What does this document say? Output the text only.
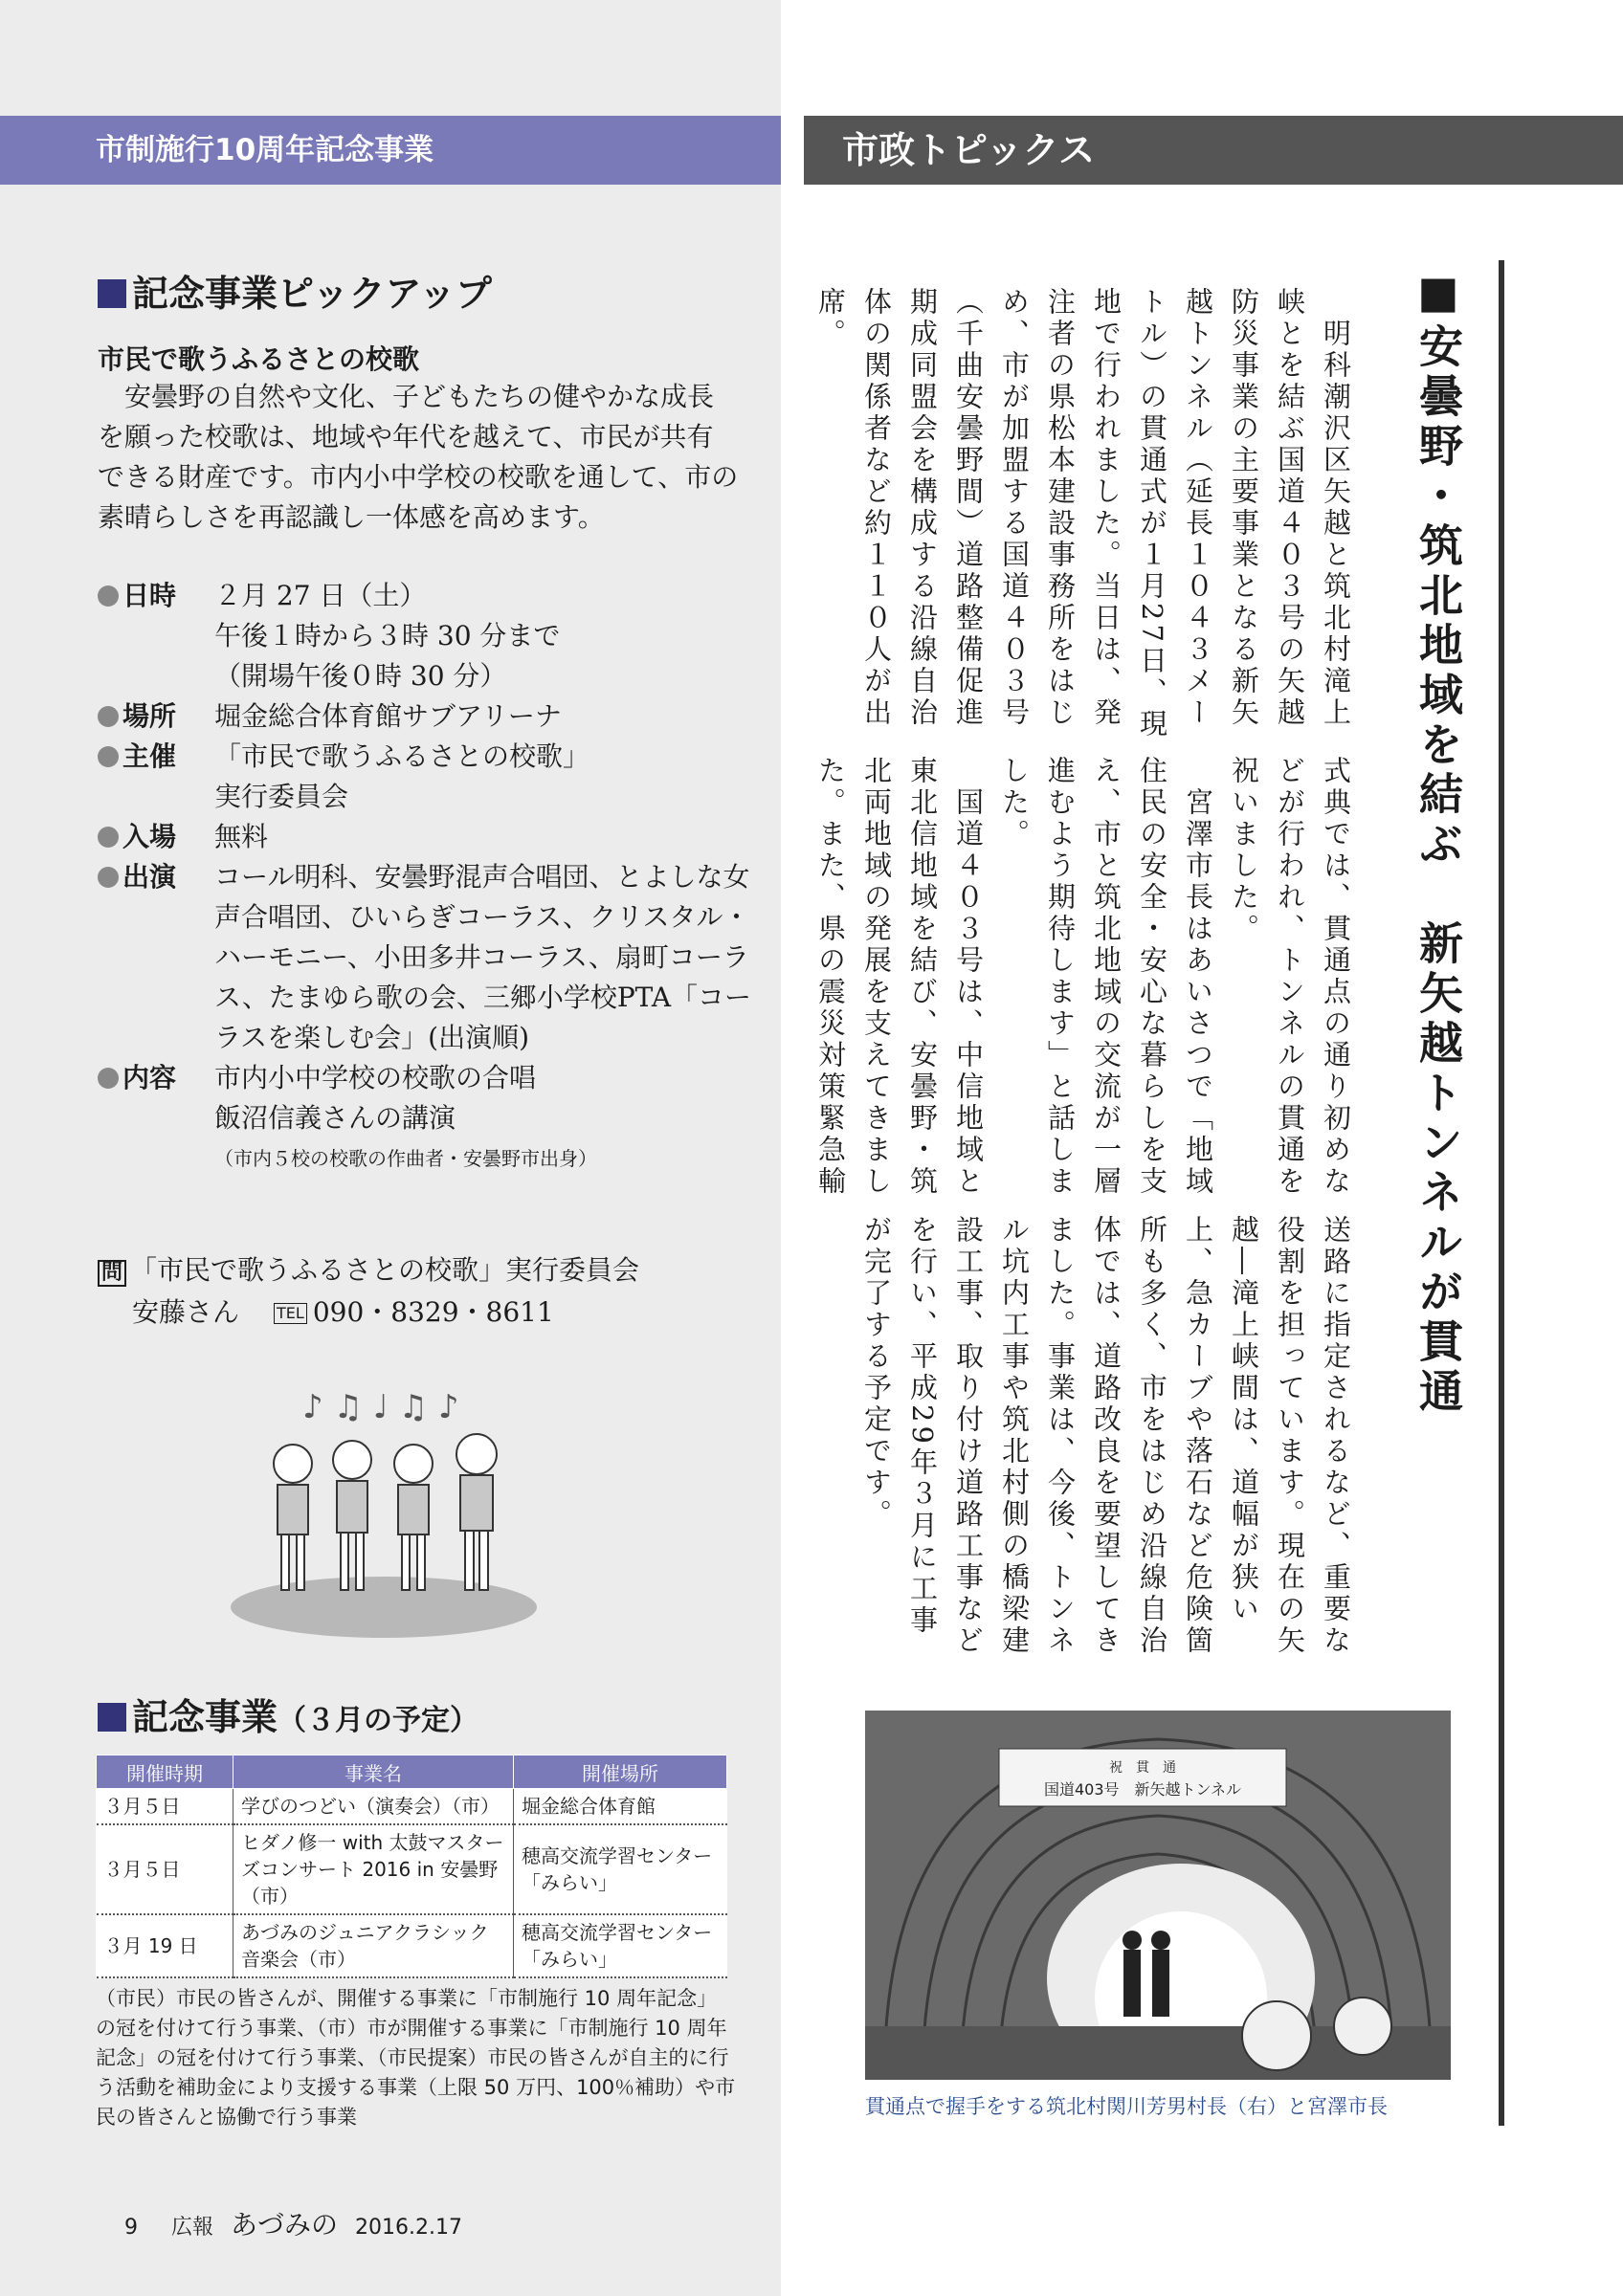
市制施行10周年記念事業	市政トピックス
記念事業ピックアップ
市民で歌うふるさとの校歌

　安曇野の自然や文化、子どもたちの健やかな成長を願った校歌は、地域や年代を越えて、市民が共有できる財産です。市内小中学校の校歌を通して、市の素晴らしさを再認識し一体感を高めます。

日時	２月 27 日（土）
午後１時から３時 30 分まで
（開場午後０時 30 分）
場所	堀金総合体育館サブアリーナ
主催	「市民で歌うふるさとの校歌」
実行委員会
入場	無料
出演	コール明科、安曇野混声合唱団、とよしな女声合唱団、ひいらぎコーラス、クリスタル・ハーモニー、小田多井コーラス、扇町コーラス、たまゆら歌の会、三郷小学校PTA「コーラスを楽しむ会」(出演順)
内容	市内小中学校の校歌の合唱
飯沼信義さんの講演
（市内５校の校歌の作曲者・安曇野市出身）
問 「市民で歌うふるさとの校歌」実行委員会
安藤さん TEL 090・8329・8611
♪ ♫ ♩ ♫ ♪
記念事業（３月の予定）
開催時期	事業名	開催場所
３月５日	学びのつどい（演奏会）（市）	堀金総合体育館
３月５日	ヒダノ修一 with 太鼓マスターズコンサート 2016 in 安曇野（市）	穂高交流学習センター「みらい」
３月 19 日	あづみのジュニアクラシック音楽会（市）	穂高交流学習センター「みらい」

（市民）市民の皆さんが、開催する事業に「市制施行 10 周年記念」の冠を付けて行う事業、（市）市が開催する事業に「市制施行 10 周年記念」の冠を付けて行う事業、（市民提案）市民の皆さんが自主的に行う活動を補助金により支援する事業（上限 50 万円、100％補助）や市民の皆さんと協働で行う事業

9 広報 あづみの 2016.2.17
■安曇野・筑北地域を結ぶ　新矢越トンネルが貫通

　明科潮沢区矢越と筑北村滝上峡とを結ぶ国道４０３号の矢越防災事業の主要事業となる新矢越トンネル（延長１０４３メートル）の貫通式が１月27日、現地で行われました。当日は、発注者の県松本建設事務所をはじめ、市が加盟する国道４０３号（千曲安曇野間）道路整備促進期成同盟会を構成する沿線自治体の関係者など約１１０人が出席。

式典では、貫通点の通り初めなどが行われ、トンネルの貫通を祝いました。
　宮澤市長はあいさつで「地域住民の安全・安心な暮らしを支え、市と筑北地域の交流が一層進むよう期待します」と話しました。
　国道４０３号は、中信地域と東北信地域を結び、安曇野・筑北両地域の発展を支えてきました。また、県の震災対策緊急輸

送路に指定されるなど、重要な役割を担っています。現在の矢越―滝上峡間は、道幅が狭い上、急カーブや落石など危険箇所も多く、市をはじめ沿線自治体では、道路改良を要望してきました。事業は、今後、トンネル坑内工事や筑北村側の橋梁建設工事、取り付け道路工事などを行い、平成29年３月に工事が完了する予定です。

祝　貫　通
国道403号　新矢越トンネル
貫通点で握手をする筑北村関川芳男村長（右）と宮澤市長
